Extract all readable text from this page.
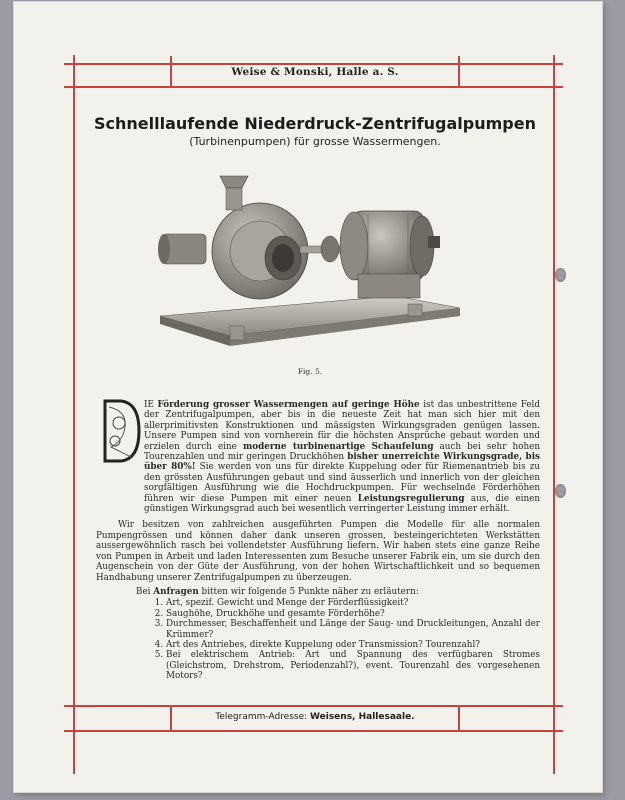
Weise & Monski, Halle a. S.
Schnelllaufende Niederdruck-Zentrifugalpumpen
(Turbinenpumpen) für grosse Wassermengen.
Fig. 5.

IE Förderung grosser Wassermengen auf geringe Höhe ist das unbestrittene Feld der Zentrifugalpumpen, aber bis in die neueste Zeit hat man sich hier mit den allerprimitivsten Konstruktionen und mässigsten Wirkungsgraden genügen lassen. Unsere Pumpen sind von vornherein für die höchsten Ansprüche gebaut worden und erzielen durch eine moderne turbinenartige Schaufelung auch bei sehr hohen Tourenzahlen und mir geringen Druckhöhen bisher unerreichte Wirkungsgrade, bis über 80%! Sie werden von uns für direkte Kuppelung oder für Riemenantrieb bis zu den grössten Ausführungen gebaut und sind äusserlich und innerlich von der gleichen sorgfältigen Ausführung wie die Hochdruckpumpen. Für wechselnde Förderhöhen führen wir diese Pumpen mit einer neuen Leistungsregulierung aus, die einen günstigen Wirkungsgrad auch bei wesentlich verringerter Leistung immer erhält.

Wir besitzen von zahlreichen ausgeführten Pumpen die Modelle für alle normalen Pumpengrössen und können daher dank unseren grossen, bestеingerichteten Werkstätten aussergewöhnlich rasch bei vollendetster Ausführung liefern. Wir haben stets eine ganze Reihe von Pumpen in Arbeit und laden Interessenten zum Besuche unserer Fabrik ein, um sie durch den Augenschein von der Güte der Ausführung, von der hohen Wirtschaftlichkeit und so bequemen Handhabung unserer Zentrifugalpumpen zu überzeugen.

Bei Anfragen bitten wir folgende 5 Punkte näher zu erläutern:

1. Art, spezif. Gewicht und Menge der Förderflüssigkeit?
2. Saughöhe, Druckhöhe und gesamte Förderhöhe?
3. Durchmesser, Beschaffenheit und Länge der Saug- und Druckleitungen, Anzahl der Krümmer?
4. Art des Antriebes, direkte Kuppelung oder Transmission? Tourenzahl?
5. Bei elektrischem Antrieb: Art und Spannung des verfügbaren Stromes (Gleichstrom, Drehstrom, Periodenzahl?), event. Tourenzahl des vorgesehenen Motors?
Telegramm-Adresse: Weisens, Hallesaale.
